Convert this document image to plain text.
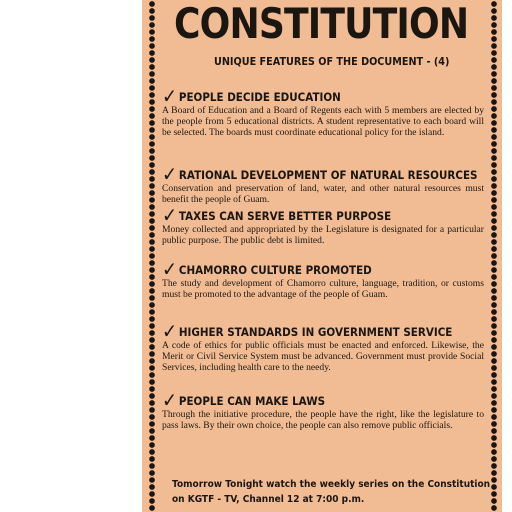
CONSTITUTION
UNIQUE FEATURES OF THE DOCUMENT - (4)
✓ PEOPLE DECIDE EDUCATION
A Board of Education and a Board of Regents each with 5 members are elected by the people from 5 educational districts. A student representative to each board will be selected. The boards must coordinate educational policy for the island.
✓ RATIONAL DEVELOPMENT OF NATURAL RESOURCES
Conservation and preservation of land, water, and other natural resources must benefit the people of Guam.
✓ TAXES CAN SERVE BETTER PURPOSE
Money collected and appropriated by the Legislature is designated for a particular public purpose. The public debt is limited.
✓ CHAMORRO CULTURE PROMOTED
The study and development of Chamorro culture, language, tradition, or customs must be promoted to the advantage of the people of Guam.
✓ HIGHER STANDARDS IN GOVERNMENT SERVICE
A code of ethics for public officials must be enacted and enforced. Likewise, the Merit or Civil Service System must be advanced. Government must provide Social Services, including health care to the needy.
✓ PEOPLE CAN MAKE LAWS
Through the initiative procedure, the people have the right, like the legislature to pass laws. By their own choice, the people can also remove public officials.
Tomorrow Tonight watch the weekly series on the Constitution on KGTF - TV, Channel 12 at 7:00 p.m.
